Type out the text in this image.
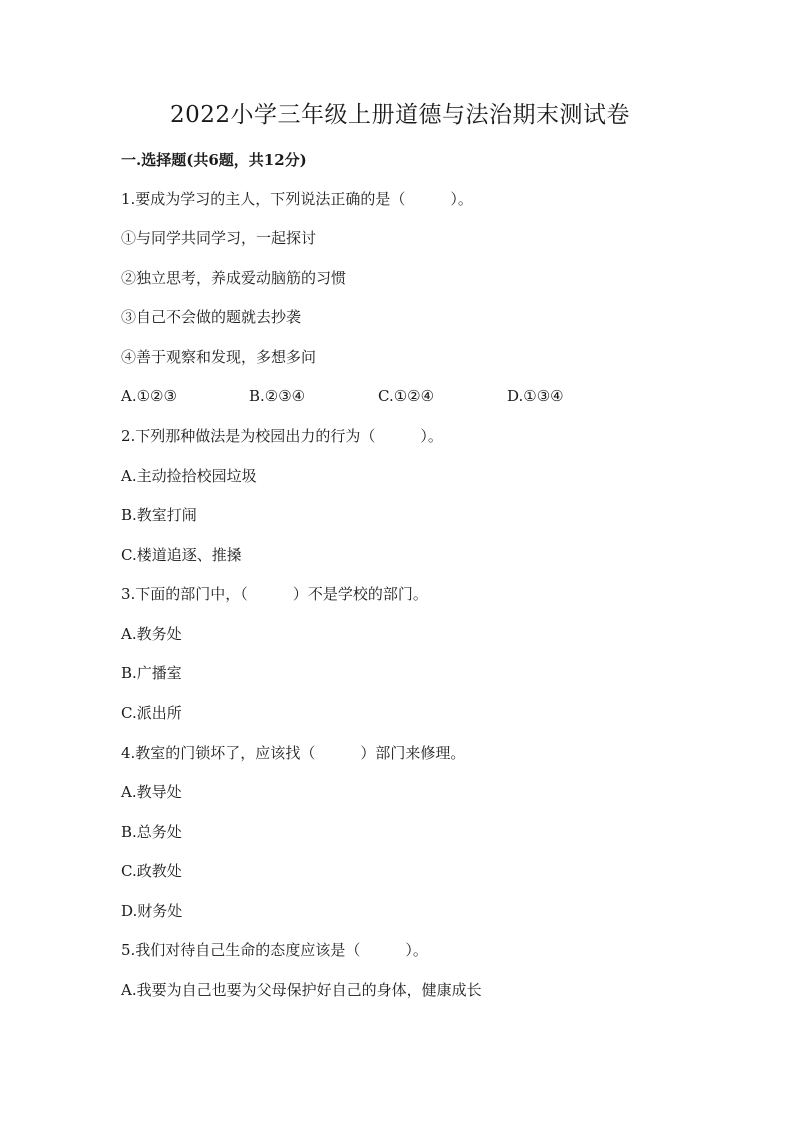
2022小学三年级上册道德与法治期末测试卷

一.选择题(共6题，共12分)

1.要成为学习的主人，下列说法正确的是（　　　）。

①与同学共同学习，一起探讨

②独立思考，养成爱动脑筋的习惯

③自己不会做的题就去抄袭

④善于观察和发现，多想多问

A.①②③	B.②③④	C.①②④	D.①③④

2.下列那种做法是为校园出力的行为（　　　）。

A.主动捡拾校园垃圾

B.教室打闹

C.楼道追逐、推搡

3.下面的部门中，（　　　）不是学校的部门。

A.教务处

B.广播室

C.派出所

4.教室的门锁坏了，应该找（　　　）部门来修理。

A.教导处

B.总务处

C.政教处

D.财务处

5.我们对待自己生命的态度应该是（　　　）。

A.我要为自己也要为父母保护好自己的身体，健康成长
